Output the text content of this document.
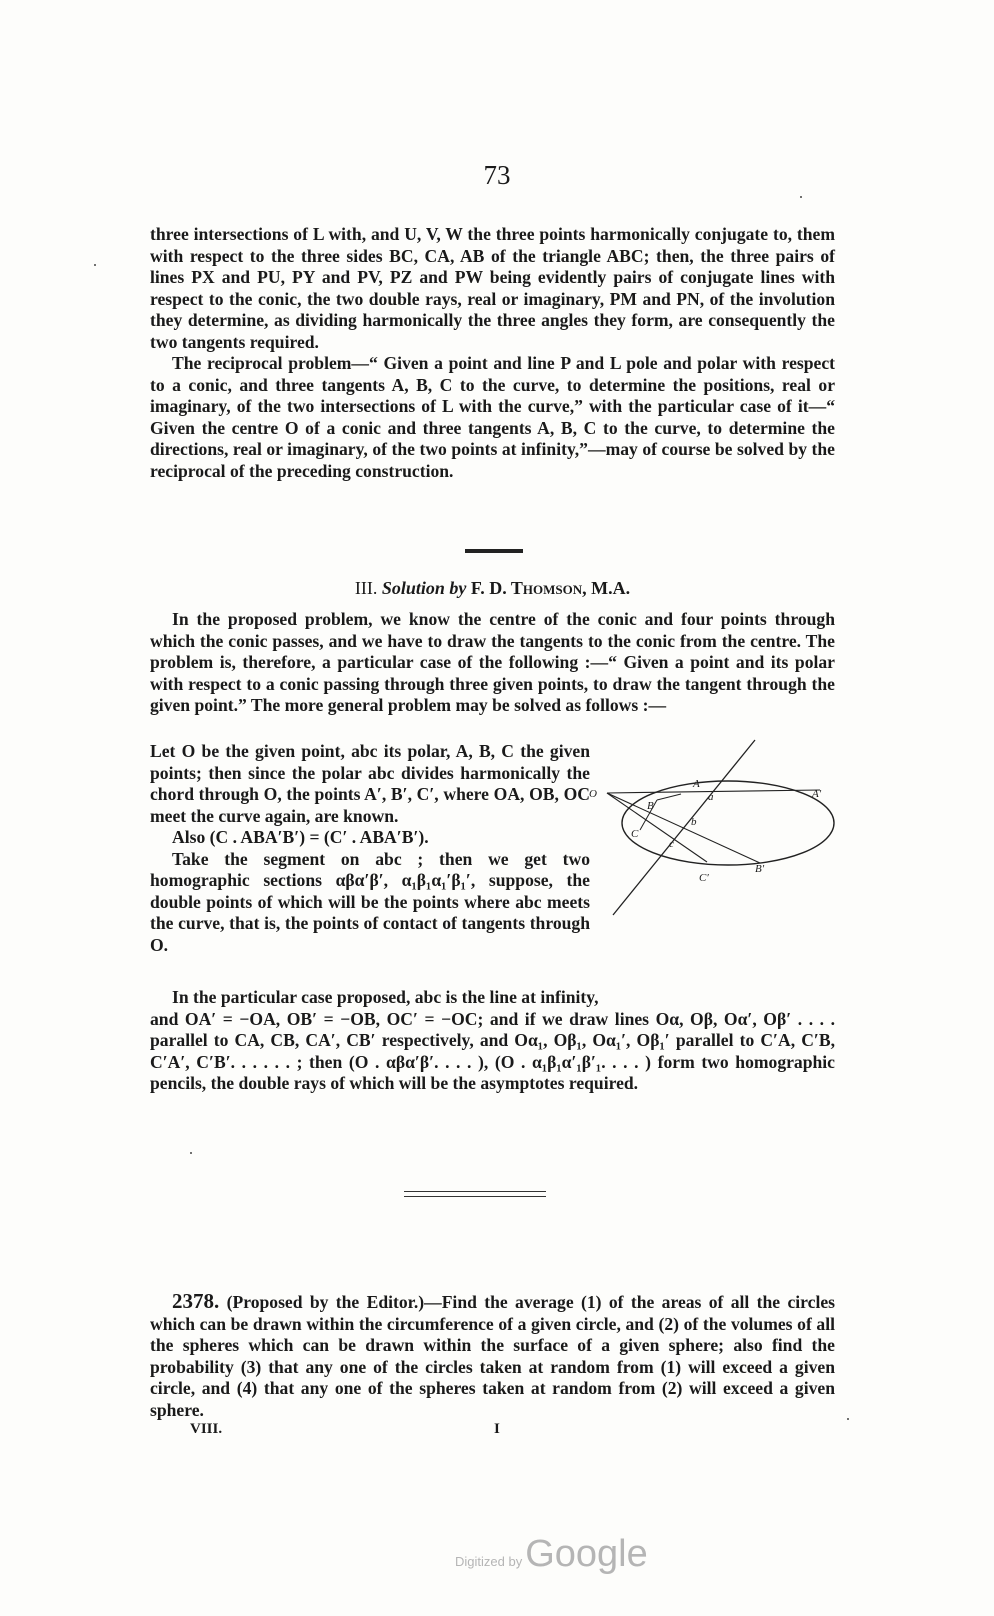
73

three intersections of L with, and U, V, W the three points harmonically conjugate to, them with respect to the three sides BC, CA, AB of the triangle ABC; then, the three pairs of lines PX and PU, PY and PV, PZ and PW being evidently pairs of conjugate lines with respect to the conic, the two double rays, real or imaginary, PM and PN, of the involution they determine, as dividing harmonically the three angles they form, are consequently the two tangents required.

The reciprocal problem—“ Given a point and line P and L pole and polar with respect to a conic, and three tangents A, B, C to the curve, to determine the positions, real or imaginary, of the two intersections of L with the curve,” with the particular case of it—“ Given the centre O of a conic and three tangents A, B, C to the curve, to determine the directions, real or imaginary, of the two points at infinity,”—may of course be solved by the reciprocal of the preceding construction.

III. Solution by F. D. Thomson, M.A.

In the proposed problem, we know the centre of the conic and four points through which the conic passes, and we have to draw the tangents to the conic from the centre. The problem is, therefore, a particular case of the following :—“ Given a point and its polar with respect to a conic passing through three given points, to draw the tangent through the given point.” The more general problem may be solved as follows :—

Let O be the given point, abc its polar, A, B, C the given points; then since the polar abc divides harmonically the chord through O, the points A′, B′, C′, where OA, OB, OC meet the curve again, are known.

Also (C . ABA′B′) = (C′ . ABA′B′).

Take the segment on abc ; then we get two homographic sections αβα′β′, α₁β₁α₁′β₁′, suppose, the double points of which will be the points where abc meets the curve, that is, the points of contact of tangents through O.

O
A
A′
B
B′
C
C′
a
b
c

In the particular case proposed, abc is the line at infinity,

and OA′ = −OA, OB′ = −OB, OC′ = −OC; and if we draw lines Oα, Oβ, Oα′, Oβ′ . . . . parallel to CA, CB, CA′, CB′ respectively, and Oα₁, Oβ₁, Oα₁′, Oβ₁′ parallel to C′A, C′B, C′A′, C′B′. . . . . . ; then (O . αβα′β′. . . . ), (O . α₁β₁α′₁β′₁. . . . ) form two homographic pencils, the double rays of which will be the asymptotes required.

2378. (Proposed by the Editor.)—Find the average (1) of the areas of all the circles which can be drawn within the circumference of a given circle, and (2) of the volumes of all the spheres which can be drawn within the surface of a given sphere; also find the probability (3) that any one of the circles taken at random from (1) will exceed a given circle, and (4) that any one of the spheres taken at random from (2) will exceed a given sphere.

VIII.	I
Digitized byGoogle
